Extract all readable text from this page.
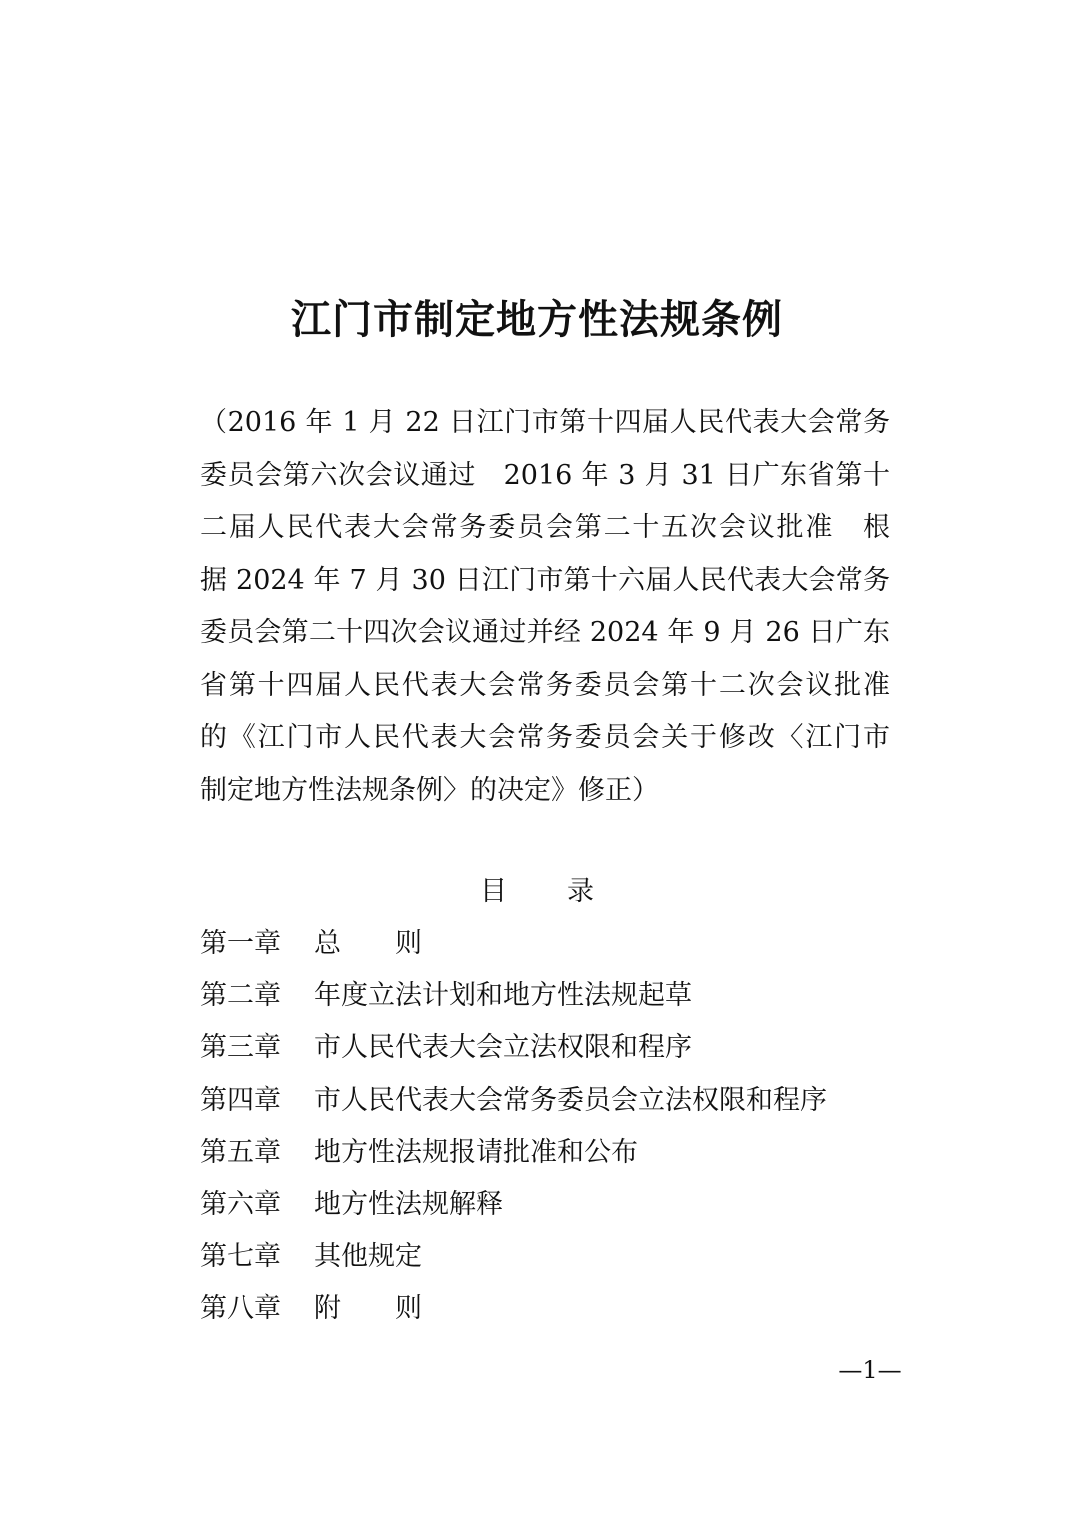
江门市制定地方性法规条例
（2016 年 1 月 22 日江门市第十四届人民代表大会常务
委员会第六次会议通过　2016 年 3 月 31 日广东省第十
二届人民代表大会常务委员会第二十五次会议批准　根
据 2024 年 7 月 30 日江门市第十六届人民代表大会常务
委员会第二十四次会议通过并经 2024 年 9 月 26 日广东
省第十四届人民代表大会常务委员会第十二次会议批准
的《江门市人民代表大会常务委员会关于修改〈江门市
制定地方性法规条例〉的决定》修正）
目 录
第一章 总 则
第二章 年度立法计划和地方性法规起草
第三章 市人民代表大会立法权限和程序
第四章 市人民代表大会常务委员会立法权限和程序
第五章 地方性法规报请批准和公布
第六章 地方性法规解释
第七章 其他规定
第八章 附 则
—1—
